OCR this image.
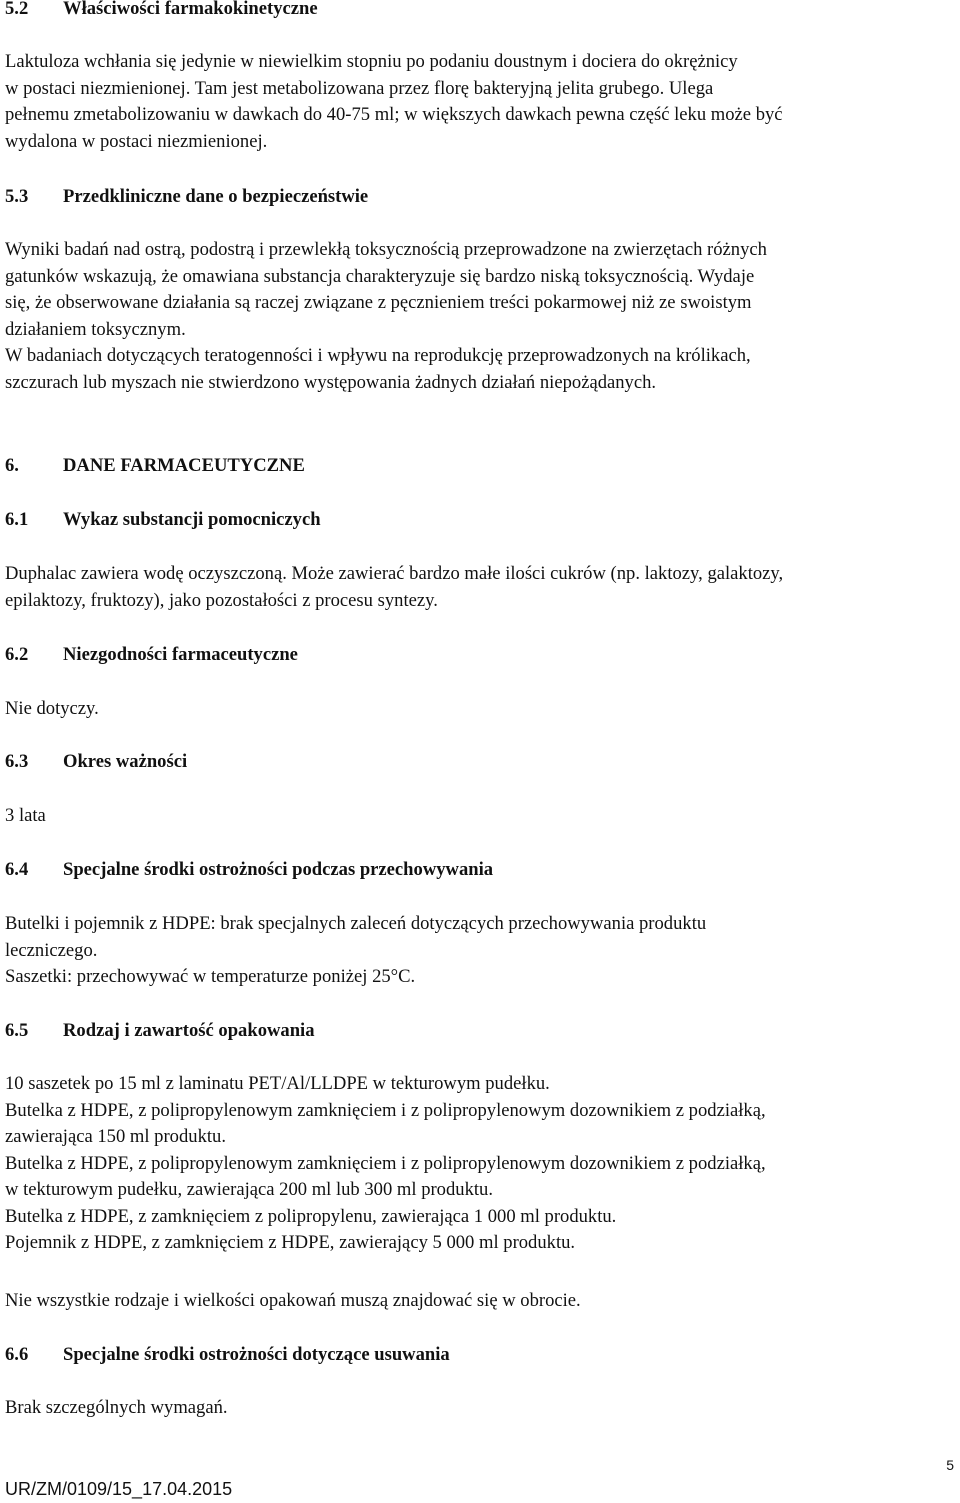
5.2 Właściwości farmakokinetyczne
Laktuloza wchłania się jedynie w niewielkim stopniu po podaniu doustnym i dociera do okrężnicy
w postaci niezmienionej. Tam jest metabolizowana przez florę bakteryjną jelita grubego. Ulega
pełnemu zmetabolizowaniu w dawkach do 40-75 ml; w większych dawkach pewna część leku może być
wydalona w postaci niezmienionej.
5.3 Przedkliniczne dane o bezpieczeństwie
Wyniki badań nad ostrą, podostrą i przewlekłą toksycznością przeprowadzone na zwierzętach różnych
gatunków wskazują, że omawiana substancja charakteryzuje się bardzo niską toksycznością. Wydaje
się, że obserwowane działania są raczej związane z pęcznieniem treści pokarmowej niż ze swoistym
działaniem toksycznym.
W badaniach dotyczących teratogenności i wpływu na reprodukcję przeprowadzonych na królikach,
szczurach lub myszach nie stwierdzono występowania żadnych działań niepożądanych.
6. DANE FARMACEUTYCZNE
6.1 Wykaz substancji pomocniczych
Duphalac zawiera wodę oczyszczoną. Może zawierać bardzo małe ilości cukrów (np. laktozy, galaktozy,
epilaktozy, fruktozy), jako pozostałości z procesu syntezy.
6.2 Niezgodności farmaceutyczne
Nie dotyczy.
6.3 Okres ważności
3 lata
6.4 Specjalne środki ostrożności podczas przechowywania
Butelki i pojemnik z HDPE: brak specjalnych zaleceń dotyczących przechowywania produktu
leczniczego.
Saszetki: przechowywać w temperaturze poniżej 25°C.
6.5 Rodzaj i zawartość opakowania
10 saszetek po 15 ml z laminatu PET/Al/LLDPE w tekturowym pudełku.
Butelka z HDPE, z polipropylenowym zamknięciem i z polipropylenowym dozownikiem z podziałką,
zawierająca 150 ml produktu.
Butelka z HDPE, z polipropylenowym zamknięciem i z polipropylenowym dozownikiem z podziałką,
w tekturowym pudełku, zawierająca 200 ml lub 300 ml produktu.
Butelka z HDPE, z zamknięciem z polipropylenu, zawierająca 1 000 ml produktu.
Pojemnik z HDPE, z zamknięciem z HDPE, zawierający 5 000 ml produktu.
Nie wszystkie rodzaje i wielkości opakowań muszą znajdować się w obrocie.
6.6 Specjalne środki ostrożności dotyczące usuwania
Brak szczególnych wymagań.
5
UR/ZM/0109/15_17.04.2015
